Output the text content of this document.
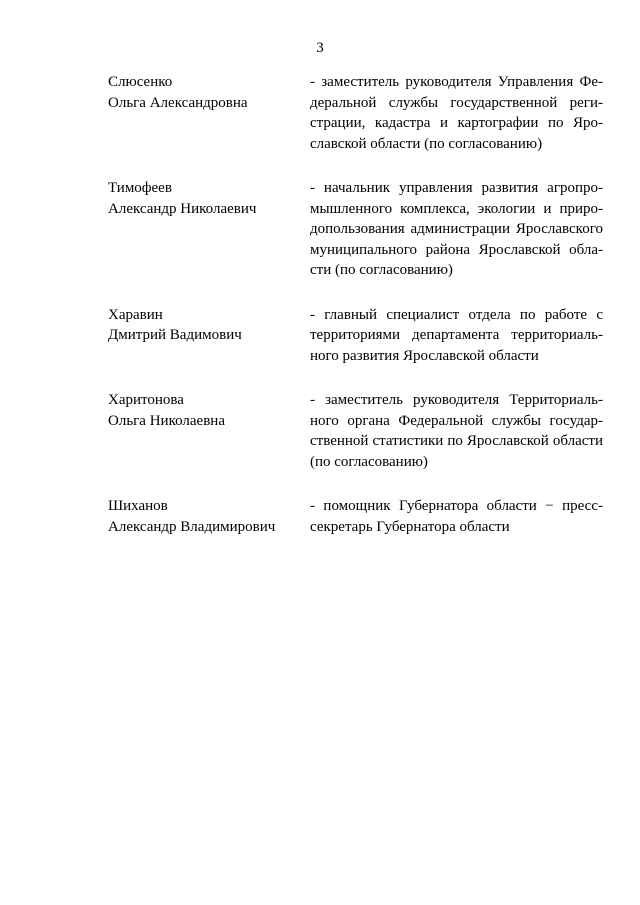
3
Слюсенко
Ольга Александровна
- заместитель руководителя Управления Федеральной службы государственной регистрации, кадастра и картографии по Ярославской области (по согласованию)
Тимофеев
Александр Николаевич
- начальник управления развития агропромышленного комплекса, экологии и природопользования администрации Ярославского муниципального района Ярославской области (по согласованию)
Харавин
Дмитрий Вадимович
- главный специалист отдела по работе с территориями департамента территориального развития Ярославской области
Харитонова
Ольга Николаевна
- заместитель руководителя Территориального органа Федеральной службы государственной статистики по Ярославской области (по согласованию)
Шиханов
Александр Владимирович
- помощник Губернатора области − пресс-секретарь Губернатора области
